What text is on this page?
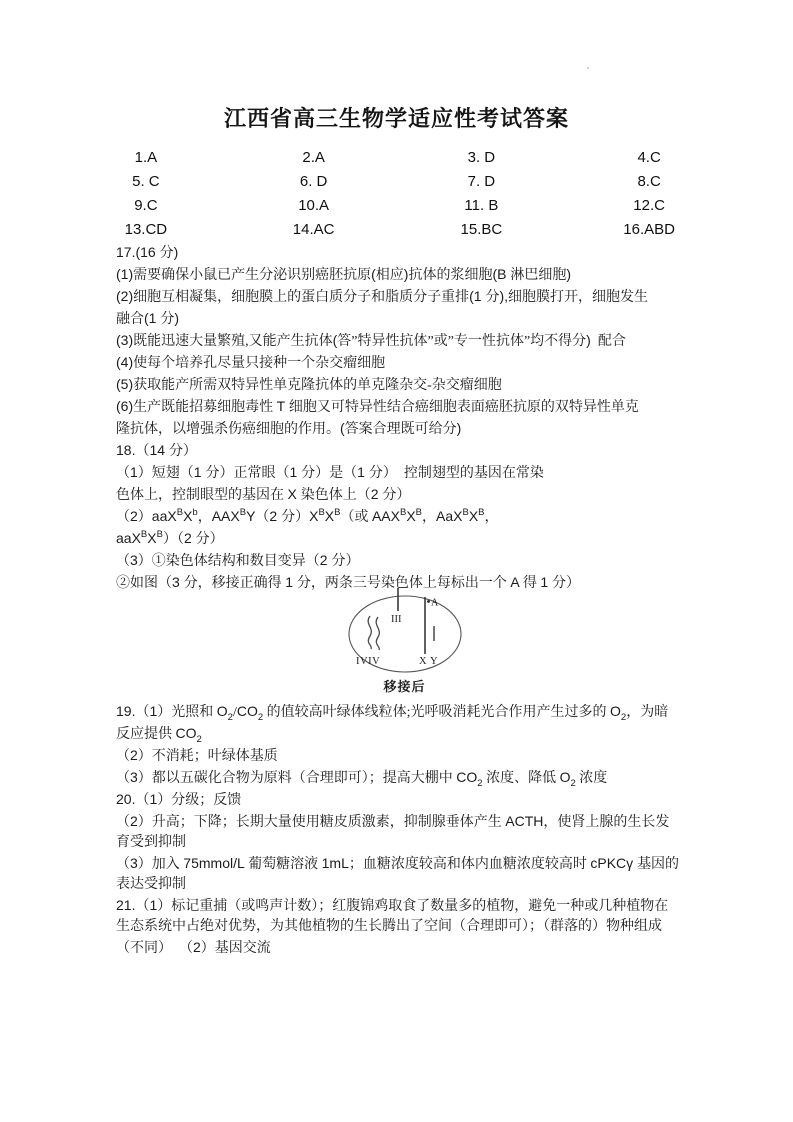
江西省高三生物学适应性考试答案
1.A	2.A	3. D	4.C
5. C	6. D	7. D	8.C
9.C	10.A	11. B	12.C
13.CD	14.AC	15.BC	16.ABD
17.(16 分)
(1)需要确保小鼠已产生分泌识别癌胚抗原(相应)抗体的浆细胞(B 淋巴细胞)
(2)细胞互相凝集，细胞膜上的蛋白质分子和脂质分子重排(1 分),细胞膜打开，细胞发生
融合(1 分)
(3)既能迅速大量繁殖,又能产生抗体(答”特异性抗体”或”专一性抗体”均不得分)  配合
(4)使每个培养孔尽量只接种一个杂交瘤细胞
(5)获取能产所需双特异性单克隆抗体的单克隆杂交-杂交瘤细胞
(6)生产既能招募细胞毒性 T 细胞又可特异性结合癌细胞表面癌胚抗原的双特异性单克
隆抗体，以增强杀伤癌细胞的作用。(答案合理既可给分)
18.（14 分）
（1）短翅（1 分）正常眼（1 分）是（1 分）  控制翅型的基因在常染
色体上，控制眼型的基因在 X 染色体上（2 分）
$(2)aaX^BX^b$，$AAX^BY(2$ 分）$X^BX^B$（或 $AAX^BX^B$，$AaX^BX^B$，
$aaX^BX^B)(2$ 分）
（3）①染色体结构和数目变异（2 分）
②如图（3 分，移接正确得 1 分，两条三号染色体上每标出一个 A 得 1 分）
III
A
IVIV	X Y
移接后
19.（1）光照和 $O_2/CO_2$ 的值较高叶绿体线粒体;光呼吸消耗光合作用产生过多的 $O_2$，为暗
反应提供 $CO_2$
（2）不消耗；叶绿体基质
（3）都以五碳化合物为原料（合理即可）；提高大棚中 $CO_2$ 浓度、降低 $O_2$ 浓度
20.（1）分级；反馈
（2）升高；下降；长期大量使用糖皮质激素，抑制腺垂体产生 ACTH，使肾上腺的生长发
育受到抑制
（3）加入 75mmol/L 葡萄糖溶液 1mL；血糖浓度较高和体内血糖浓度较高时 cPKCγ 基因的
表达受抑制
21.（1）标记重捕（或鸣声计数）；红腹锦鸡取食了数量多的植物，避免一种或几种植物在
生态系统中占绝对优势，为其他植物的生长腾出了空间（合理即可）；（群落的）物种组成
（不同）  （2）基因交流
